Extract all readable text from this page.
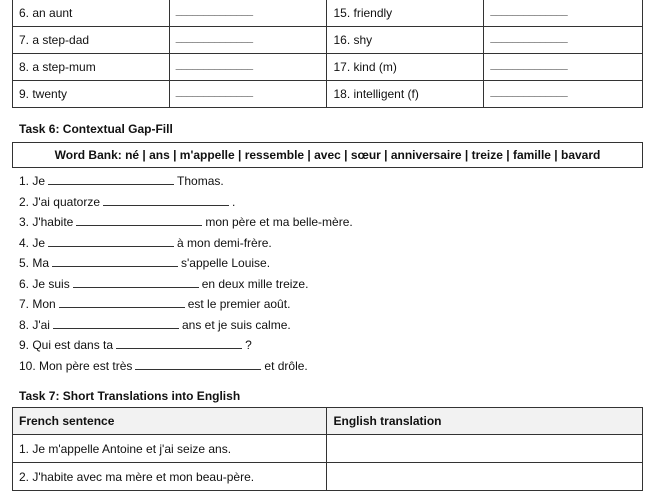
6. an aunt	______________	15. friendly	______________
7. a step-dad	______________	16. shy	______________
8. a step-mum	______________	17. kind (m)	______________
9. twenty	______________	18. intelligent (f)	______________
Task 6: Contextual Gap-Fill
Word Bank: né | ans | m'appelle | ressemble | avec | sœur | anniversaire | treize | famille | bavard
1. Je	Thomas.
2. J'ai quatorze	.
3. J'habite	mon père et ma belle-mère.
4. Je	à mon demi-frère.
5. Ma	s'appelle Louise.
6. Je suis	en deux mille treize.
7. Mon	est le premier août.
8. J'ai	ans et je suis calme.
9. Qui est dans ta	?
10. Mon père est très	et drôle.
Task 7: Short Translations into English
French sentence	English translation
1. Je m'appelle Antoine et j'ai seize ans.	
2. J'habite avec ma mère et mon beau-père.	
